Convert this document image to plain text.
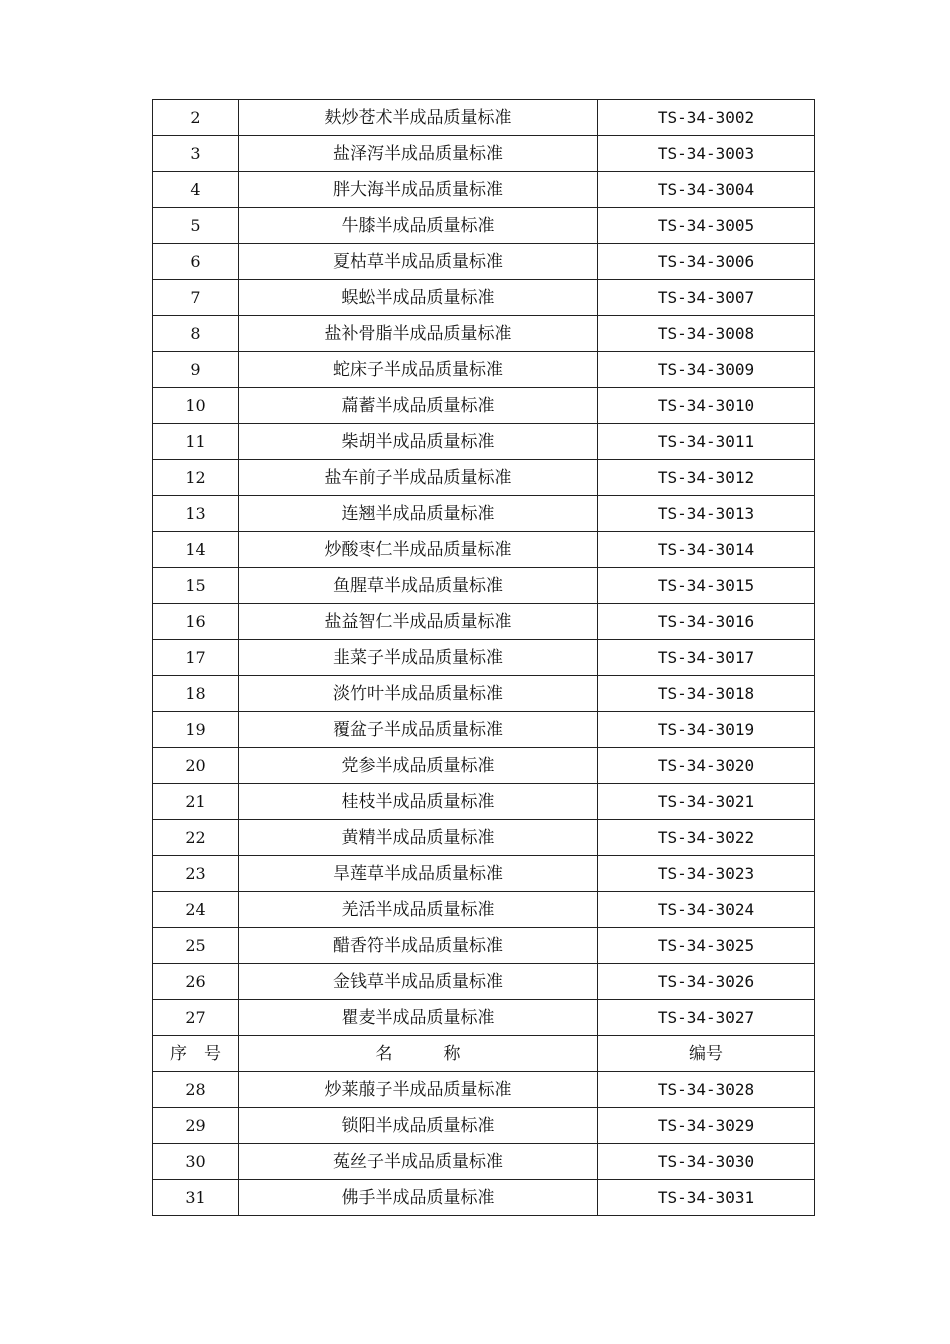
2	麸炒苍术半成品质量标准	TS-34-3002
3	盐泽泻半成品质量标准	TS-34-3003
4	胖大海半成品质量标准	TS-34-3004
5	牛膝半成品质量标准	TS-34-3005
6	夏枯草半成品质量标准	TS-34-3006
7	蜈蚣半成品质量标准	TS-34-3007
8	盐补骨脂半成品质量标准	TS-34-3008
9	蛇床子半成品质量标准	TS-34-3009
10	萹蓄半成品质量标准	TS-34-3010
11	柴胡半成品质量标准	TS-34-3011
12	盐车前子半成品质量标准	TS-34-3012
13	连翘半成品质量标准	TS-34-3013
14	炒酸枣仁半成品质量标准	TS-34-3014
15	鱼腥草半成品质量标准	TS-34-3015
16	盐益智仁半成品质量标准	TS-34-3016
17	韭菜子半成品质量标准	TS-34-3017
18	淡竹叶半成品质量标准	TS-34-3018
19	覆盆子半成品质量标准	TS-34-3019
20	党参半成品质量标准	TS-34-3020
21	桂枝半成品质量标准	TS-34-3021
22	黄精半成品质量标准	TS-34-3022
23	旱莲草半成品质量标准	TS-34-3023
24	羌活半成品质量标准	TS-34-3024
25	醋香符半成品质量标准	TS-34-3025
26	金钱草半成品质量标准	TS-34-3026
27	瞿麦半成品质量标准	TS-34-3027
序　号	名　　　称	编号
28	炒莱菔子半成品质量标准	TS-34-3028
29	锁阳半成品质量标准	TS-34-3029
30	菟丝子半成品质量标准	TS-34-3030
31	佛手半成品质量标准	TS-34-3031
